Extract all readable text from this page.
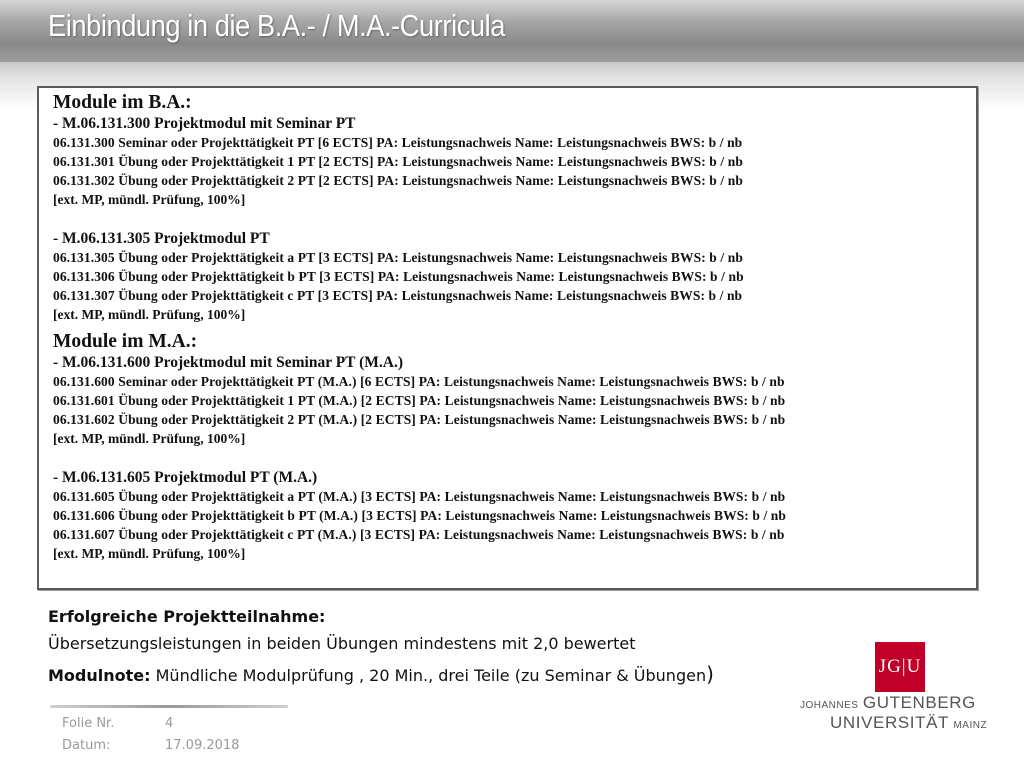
Einbindung in die B.A.- / M.A.-Curricula
Module im B.A.:
- M.06.131.300 Projektmodul mit Seminar PT
06.131.300 Seminar oder Projekttätigkeit PT [6 ECTS] PA: Leistungsnachweis Name: Leistungsnachweis BWS: b / nb
06.131.301 Übung oder Projekttätigkeit 1 PT [2 ECTS] PA: Leistungsnachweis Name: Leistungsnachweis BWS: b / nb
06.131.302 Übung oder Projekttätigkeit 2 PT [2 ECTS] PA: Leistungsnachweis Name: Leistungsnachweis BWS: b / nb
[ext. MP, mündl. Prüfung, 100%]
- M.06.131.305 Projektmodul PT
06.131.305 Übung oder Projekttätigkeit a PT [3 ECTS] PA: Leistungsnachweis Name: Leistungsnachweis BWS: b / nb
06.131.306 Übung oder Projekttätigkeit b PT [3 ECTS] PA: Leistungsnachweis Name: Leistungsnachweis BWS: b / nb
06.131.307 Übung oder Projekttätigkeit c PT [3 ECTS] PA: Leistungsnachweis Name: Leistungsnachweis BWS: b / nb
[ext. MP, mündl. Prüfung, 100%]
Module im M.A.:
- M.06.131.600 Projektmodul mit Seminar PT (M.A.)
06.131.600 Seminar oder Projekttätigkeit PT (M.A.) [6 ECTS] PA: Leistungsnachweis Name: Leistungsnachweis BWS: b / nb
06.131.601 Übung oder Projekttätigkeit 1 PT (M.A.) [2 ECTS] PA: Leistungsnachweis Name: Leistungsnachweis BWS: b / nb
06.131.602 Übung oder Projekttätigkeit 2 PT (M.A.) [2 ECTS] PA: Leistungsnachweis Name: Leistungsnachweis BWS: b / nb
[ext. MP, mündl. Prüfung, 100%]
- M.06.131.605 Projektmodul PT (M.A.)
06.131.605 Übung oder Projekttätigkeit a PT (M.A.) [3 ECTS] PA: Leistungsnachweis Name: Leistungsnachweis BWS: b / nb
06.131.606 Übung oder Projekttätigkeit b PT (M.A.) [3 ECTS] PA: Leistungsnachweis Name: Leistungsnachweis BWS: b / nb
06.131.607 Übung oder Projekttätigkeit c PT (M.A.) [3 ECTS] PA: Leistungsnachweis Name: Leistungsnachweis BWS: b / nb
[ext. MP, mündl. Prüfung, 100%]
Erfolgreiche Projektteilnahme:
Übersetzungsleistungen in beiden Übungen mindestens mit 2,0 bewertet
Modulnote: Mündliche Modulprüfung , 20 Min., drei Teile (zu Seminar & Übungen)
Folie Nr.	4
Datum:	17.09.2018
JG|U
JOHANNES GUTENBERG
UNIVERSITÄT MAINZ
